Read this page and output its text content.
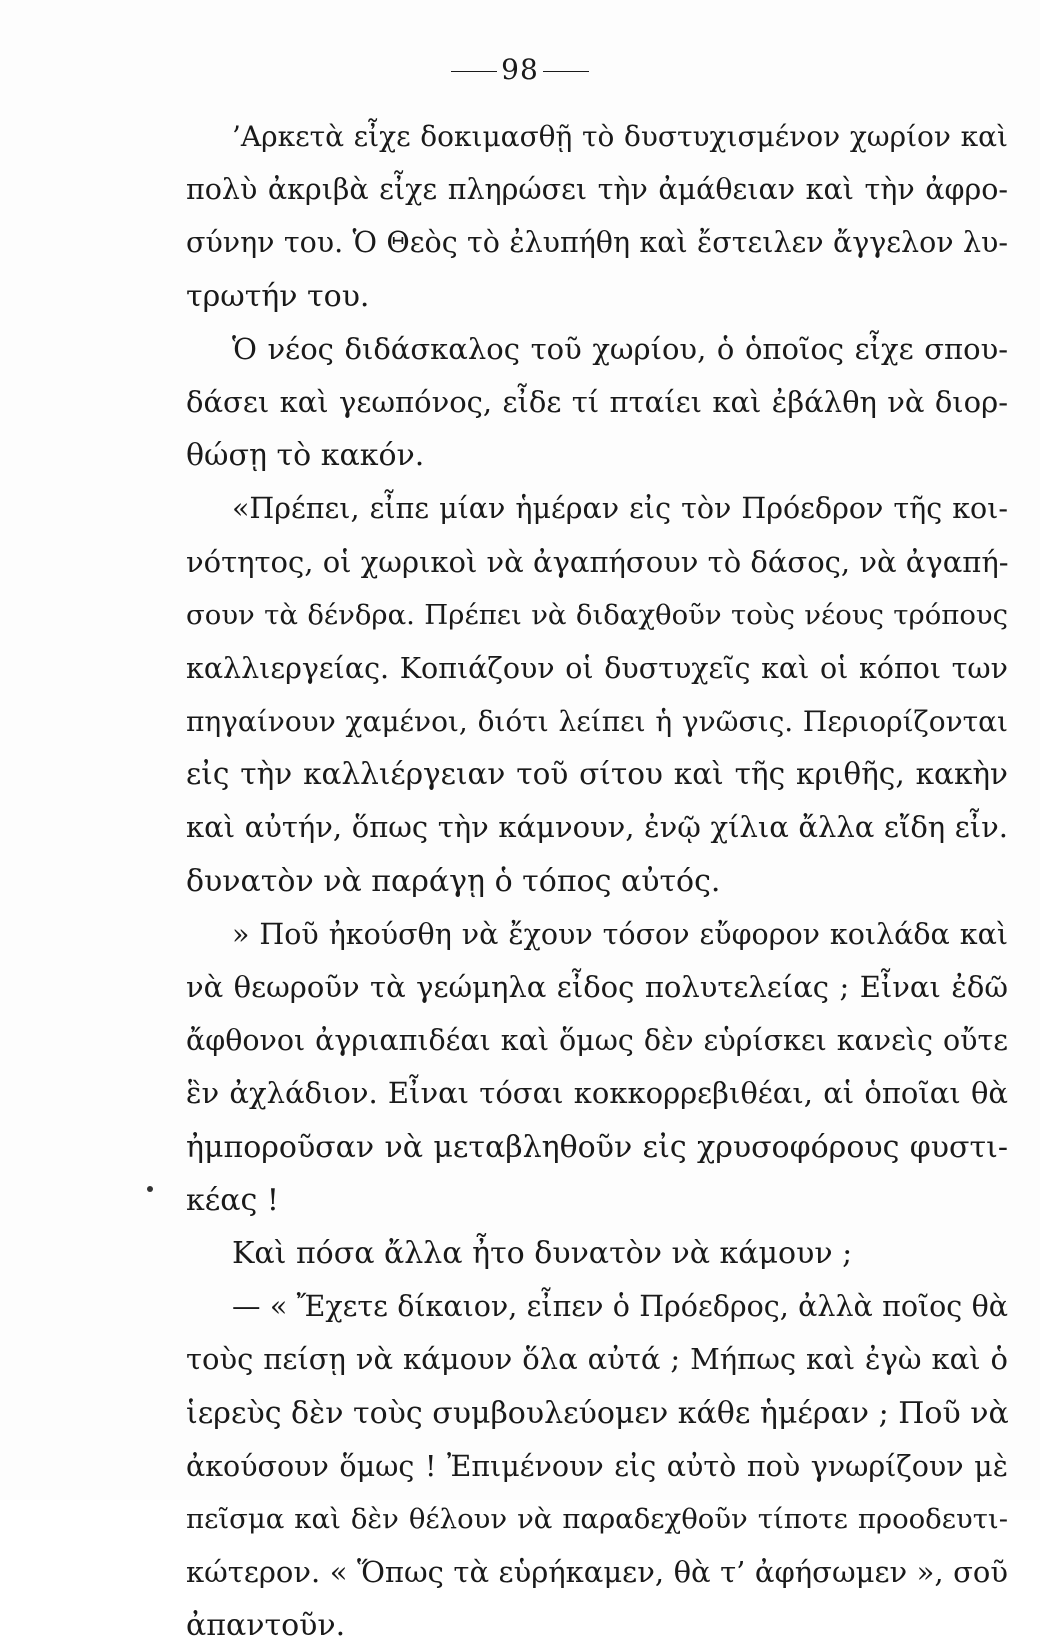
98
’Αρκετὰ εἶχε δοκιμασθῇ τὸ δυστυχισμένον χωρίον καὶ
πολὺ ἀκριβὰ εἶχε πληρώσει τὴν ἀμάθειαν καὶ τὴν ἀφρο-
σύνην του. Ὁ Θεὸς τὸ ἐλυπήθη καὶ ἔστειλεν ἄγγελον λυ-
τρωτήν του.
Ὁ νέος διδάσκαλος τοῦ χωρίου, ὁ ὁποῖος εἶχε σπου-
δάσει καὶ γεωπόνος, εἶδε τί πταίει καὶ ἐβάλθη νὰ διορ-
θώσῃ τὸ κακόν.
«Πρέπει, εἶπε μίαν ἡμέραν εἰς τὸν Πρόεδρον τῆς κοι-
νότητος, οἱ χωρικοὶ νὰ ἀγαπήσουν τὸ δάσος, νὰ ἀγαπή-
σουν τὰ δένδρα. Πρέπει νὰ διδαχθοῦν τοὺς νέους τρόπους
καλλιεργείας. Κοπιάζουν οἱ δυστυχεῖς καὶ οἱ κόποι των
πηγαίνουν χαμένοι, διότι λείπει ἡ γνῶσις. Περιορίζονται
εἰς τὴν καλλιέργειαν τοῦ σίτου καὶ τῆς κριθῆς, κακὴν
καὶ αὐτήν, ὅπως τὴν κάμνουν, ἐνῷ χίλια ἄλλα εἴδη εἶν.
δυνατὸν νὰ παράγῃ ὁ τόπος αὐτός.
» Ποῦ ἠκούσθη νὰ ἔχουν τόσον εὔφορον κοιλάδα καὶ
νὰ θεωροῦν τὰ γεώμηλα εἶδος πολυτελείας ; Εἶναι ἐδῶ
ἄφθονοι ἀγριαπιδέαι καὶ ὅμως δὲν εὑρίσκει κανεὶς οὔτε
ἓν ἀχλάδιον. Εἶναι τόσαι κοκκορρεβιθέαι, αἱ ὁποῖαι θὰ
ἠμποροῦσαν νὰ μεταβληθοῦν εἰς χρυσοφόρους φυστι-
κέας !
Καὶ πόσα ἄλλα ἦτο δυνατὸν νὰ κάμουν ;
— « Ἔχετε δίκαιον, εἶπεν ὁ Πρόεδρος, ἀλλὰ ποῖος θὰ
τοὺς πείσῃ νὰ κάμουν ὅλα αὐτά ; Μήπως καὶ ἐγὼ καὶ ὁ
ἱερεὺς δὲν τοὺς συμβουλεύομεν κάθε ἡμέραν ; Ποῦ νὰ
ἀκούσουν ὅμως ! Ἐπιμένουν εἰς αὐτὸ ποὺ γνωρίζουν μὲ
πεῖσμα καὶ δὲν θέλουν νὰ παραδεχθοῦν τίποτε προοδευτι-
κώτερον. « Ὅπως τὰ εὑρήκαμεν, θὰ τ’ ἀφήσωμεν », σοῦ
ἀπαντοῦν.
